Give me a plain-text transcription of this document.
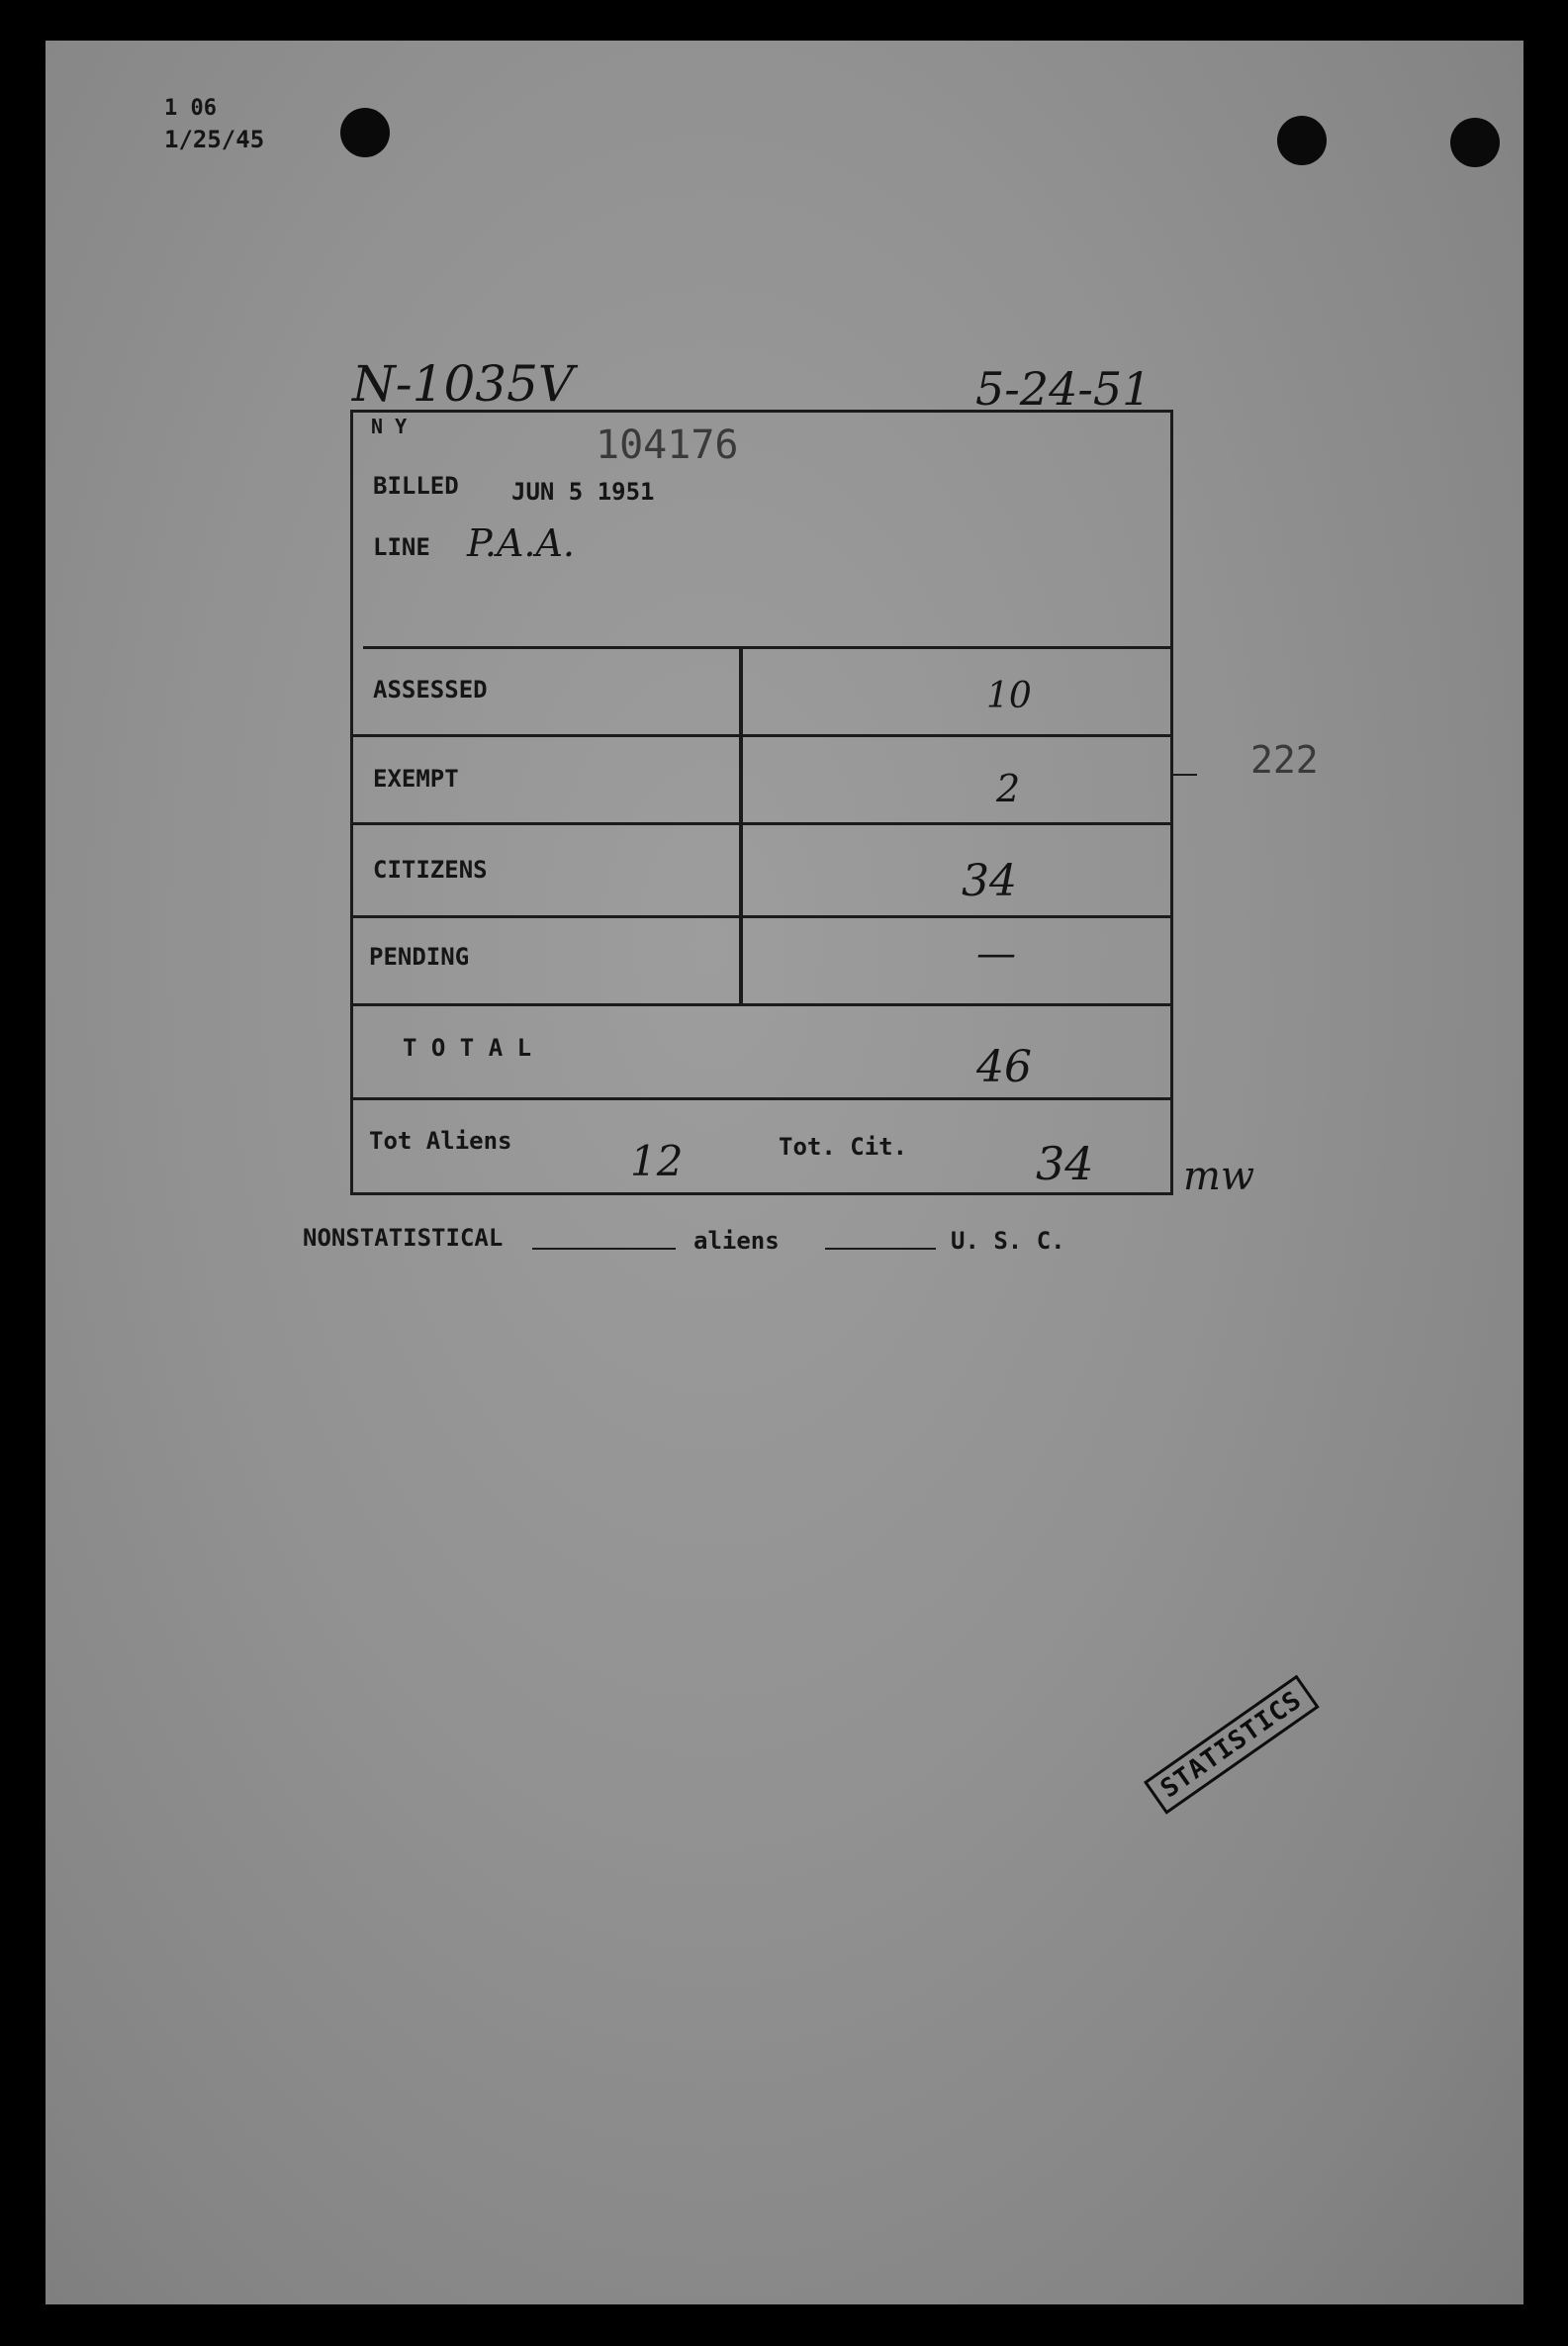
1 06
1/25/45
N-1035V	5-24-51
N Y	104176
BILLED JUN 5 1951
LINE P.A.A.
ASSESSED	10
EXEMPT	2
CITIZENS	34
PENDING	—
T O T A L	46
Tot Aliens	12	Tot. Cit.	34 mw
222
NONSTATISTICAL	aliens	U. S. C.
STATISTICS
